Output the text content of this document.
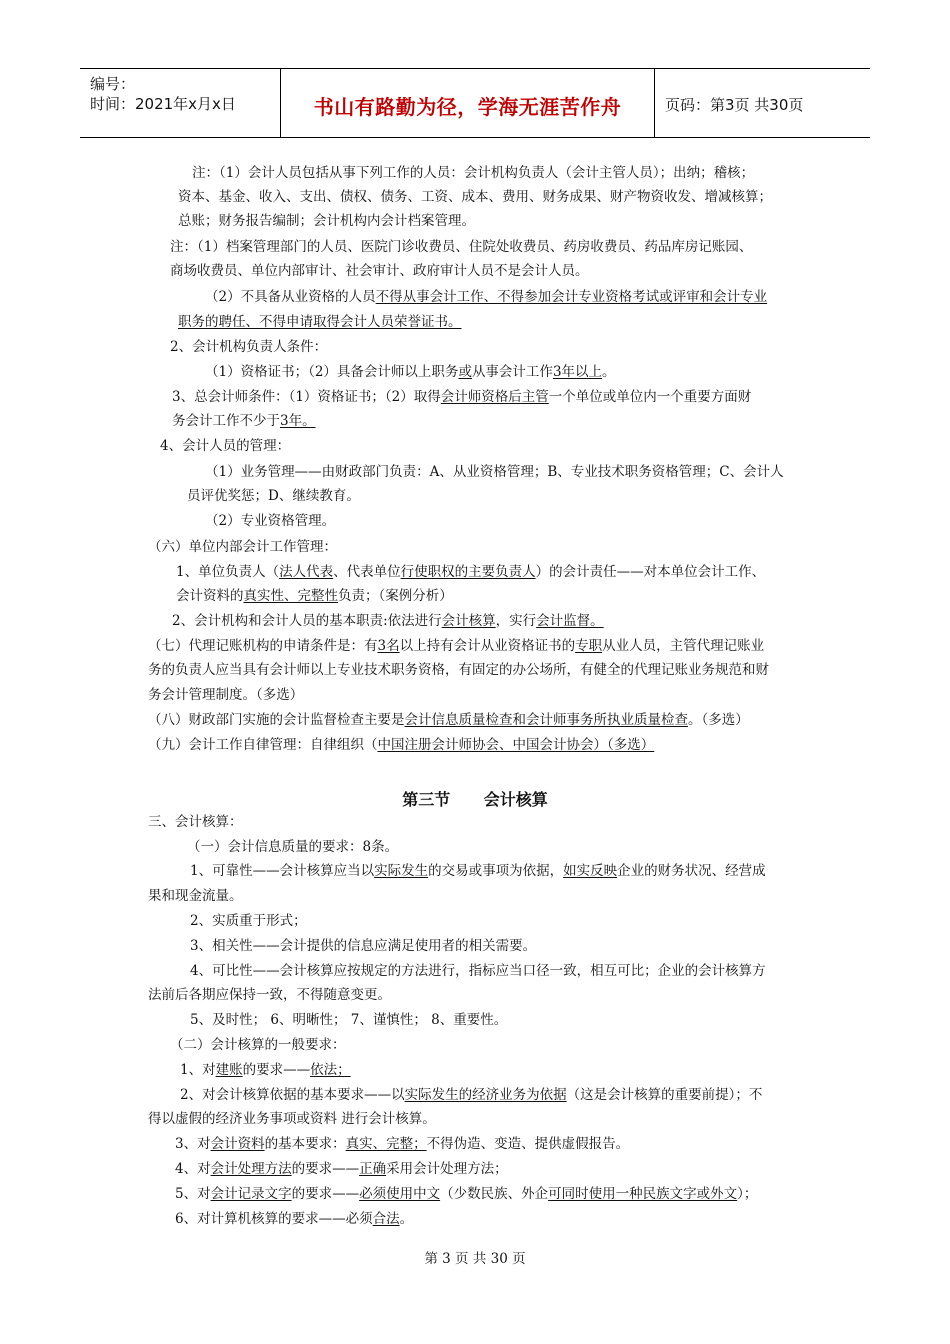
编号：
时间：2021年x月x日	书山有路勤为径，学海无涯苦作舟	页码：第3页 共30页
注：（1）会计人员包括从事下列工作的人员：会计机构负责人（会计主管人员）；出纳；稽核；
资本、基金、收入、支出、债权、债务、工资、成本、费用、财务成果、财产物资收发、增减核算；
总账；财务报告编制；会计机构内会计档案管理。
注：（1）档案管理部门的人员、医院门诊收费员、住院处收费员、药房收费员、药品库房记账园、
商场收费员、单位内部审计、社会审计、政府审计人员不是会计人员。
（2）不具备从业资格的人员不得从事会计工作、不得参加会计专业资格考试或评审和会计专业
职务的聘任、不得申请取得会计人员荣誉证书。
2、会计机构负责人条件：
（1）资格证书；（2）具备会计师以上职务或从事会计工作3年以上。
3、总会计师条件：（1）资格证书；（2）取得会计师资格后主管一个单位或单位内一个重要方面财
务会计工作不少于3年。
4、会计人员的管理：
（1）业务管理——由财政部门负责：A、从业资格管理；B、专业技术职务资格管理；C、会计人
员评优奖惩；D、继续教育。
（2）专业资格管理。
（六）单位内部会计工作管理：
1、单位负责人（法人代表、代表单位行使职权的主要负责人）的会计责任——对本单位会计工作、
会计资料的真实性、完整性负责；（案例分析）
2、会计机构和会计人员的基本职责:依法进行会计核算，实行会计监督。
（七）代理记账机构的申请条件是：有3名以上持有会计从业资格证书的专职从业人员，主管代理记账业
务的负责人应当具有会计师以上专业技术职务资格，有固定的办公场所，有健全的代理记账业务规范和财
务会计管理制度。（多选）
（八）财政部门实施的会计监督检查主要是会计信息质量检查和会计师事务所执业质量检查。（多选）
（九）会计工作自律管理：自律组织（中国注册会计师协会、中国会计协会）（多选）
三、会计核算：
（一）会计信息质量的要求：8条。
1、可靠性——会计核算应当以实际发生的交易或事项为依据，如实反映企业的财务状况、经营成
果和现金流量。
2、实质重于形式；
3、相关性——会计提供的信息应满足使用者的相关需要。
4、可比性——会计核算应按规定的方法进行，指标应当口径一致，相互可比；企业的会计核算方
法前后各期应保持一致，不得随意变更。
5、及时性； 6、明晰性； 7、谨慎性； 8、重要性。
（二）会计核算的一般要求：
1、对建账的要求——依法；
2、对会计核算依据的基本要求——以实际发生的经济业务为依据（这是会计核算的重要前提）；不
得以虚假的经济业务事项或资料 进行会计核算。
3、对会计资料的基本要求：真实、完整；不得伪造、变造、提供虚假报告。
4、对会计处理方法的要求——正确采用会计处理方法；
5、对会计记录文字的要求——必须使用中文（少数民族、外企可同时使用一种民族文字或外文）；
6、对计算机核算的要求——必须合法。
第三节      会计核算
第 3 页 共 30 页
